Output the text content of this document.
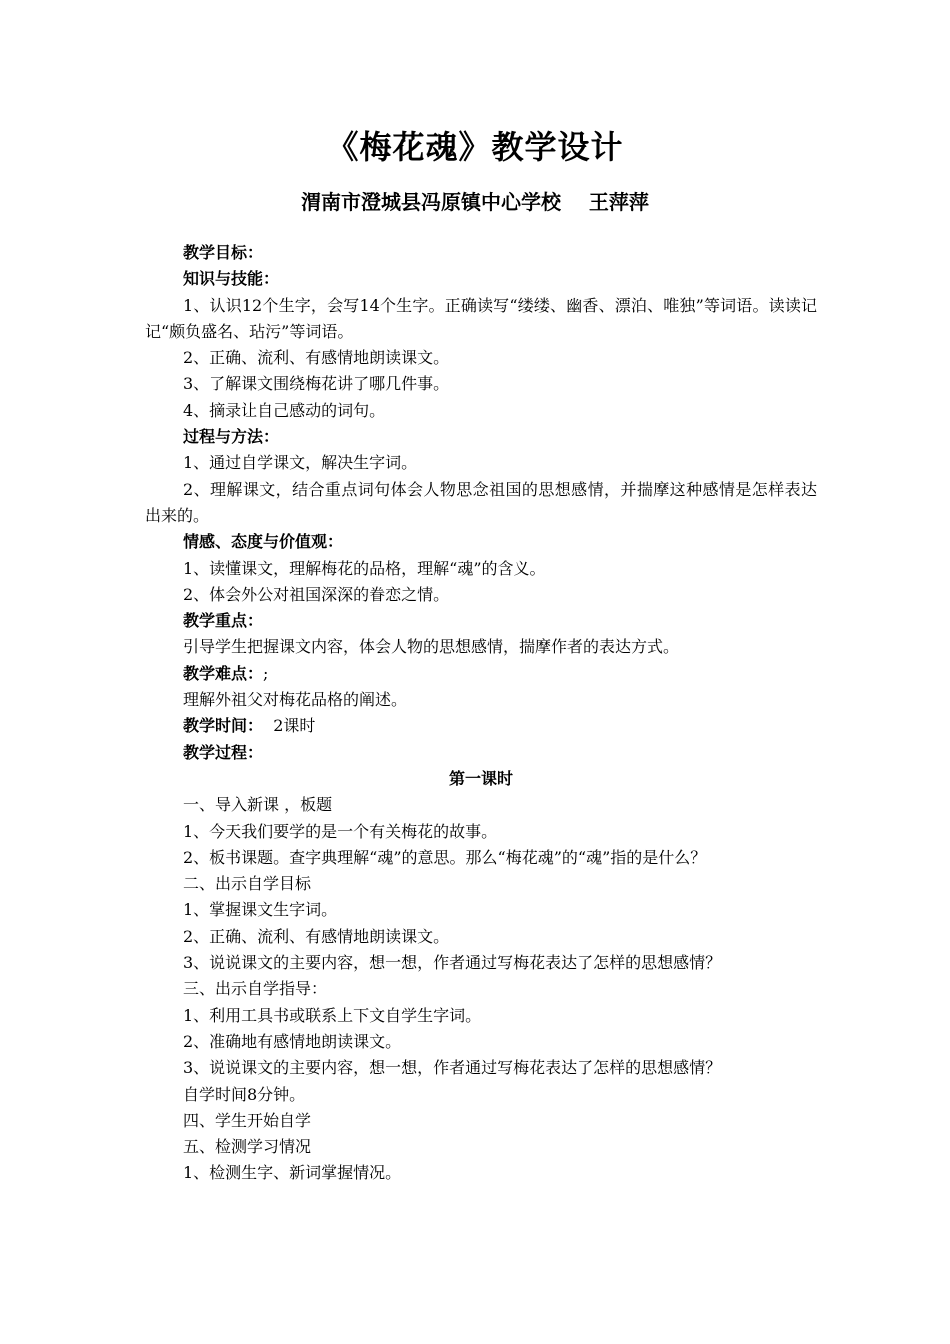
《梅花魂》教学设计
渭南市澄城县冯原镇中心学校    王萍萍

教学目标：

知识与技能：

1、认识12个生字，会写14个生字。正确读写“缕缕、幽香、漂泊、唯独”等词语。读读记记“颇负盛名、玷污”等词语。

2、正确、流利、有感情地朗读课文。

3、了解课文围绕梅花讲了哪几件事。

4、摘录让自己感动的词句。

过程与方法：

1、通过自学课文，解决生字词。

2、理解课文，结合重点词句体会人物思念祖国的思想感情，并揣摩这种感情是怎样表达出来的。

情感、态度与价值观：

1、读懂课文，理解梅花的品格，理解“魂”的含义。

2、体会外公对祖国深深的眷恋之情。

教学重点：

引导学生把握课文内容，体会人物的思想感情，揣摩作者的表达方式。

教学难点：;

理解外祖父对梅花品格的阐述。

教学时间：  2课时

教学过程：

第一课时

一、导入新课 ，板题

1、今天我们要学的是一个有关梅花的故事。

2、板书课题。查字典理解“魂”的意思。那么“梅花魂”的“魂”指的是什么？

二、出示自学目标

1、掌握课文生字词。

2、正确、流利、有感情地朗读课文。

3、说说课文的主要内容，想一想，作者通过写梅花表达了怎样的思想感情？

三、出示自学指导：

1、利用工具书或联系上下文自学生字词。

2、准确地有感情地朗读课文。

3、说说课文的主要内容，想一想，作者通过写梅花表达了怎样的思想感情？

自学时间8分钟。

四、学生开始自学

五、检测学习情况

1、检测生字、新词掌握情况。
